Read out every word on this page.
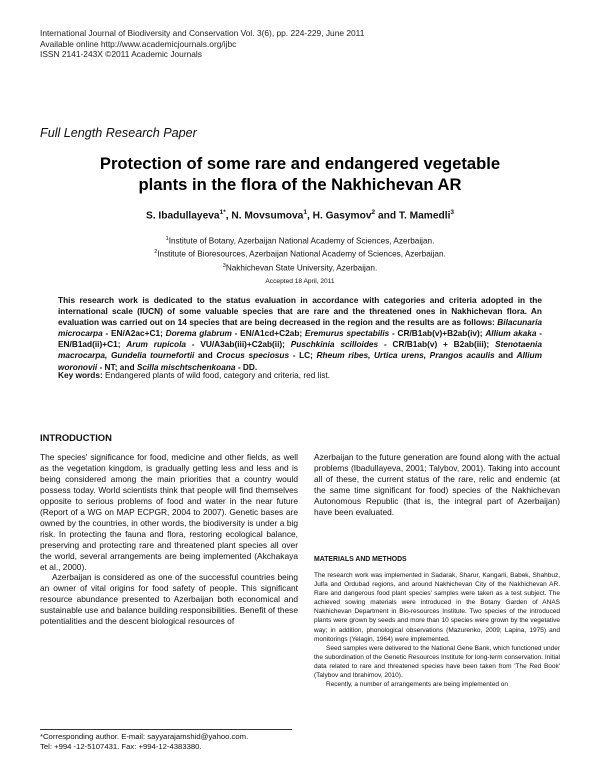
International Journal of Biodiversity and Conservation Vol. 3(6), pp. 224-229, June 2011
Available online http://www.academicjournals.org/ijbc
ISSN 2141-243X ©2011 Academic Journals
Full Length Research Paper
Protection of some rare and endangered vegetable
plants in the flora of the Nakhichevan AR
S. Ibadullayeva$^{1*}$, N. Movsumova$^1$, H. Gasymov$^2$ and T. Mamedli$^3$
$^1$Institute of Botany, Azerbaijan National Academy of Sciences, Azerbaijan.
$^2$Institute of Bioresources, Azerbaijan National Academy of Sciences, Azerbaijan.
$^3$Nakhichevan State University, Azerbaijan.
Accepted 18 April, 2011
This research work is dedicated to the status evaluation in accordance with categories and criteria adopted in the international scale (IUCN) of some valuable species that are rare and the threatened ones in Nakhichevan flora. An evaluation was carried out on 14 species that are being decreased in the region and the results are as follows: Bilacunaria microcarpa - EN/A2ac+C1; Dorema glabrum - EN/A1cd+C2ab; Eremurus spectabilis - CR/B1ab(v)+B2ab(iv); Allium akaka - EN/B1ad(ii)+C1; Arum rupicola - VU/A3ab(iii)+C2ab(ii); Puschkinia scilloides - CR/B1ab(v) + B2ab(iii); Stenotaenia macrocarpa, Gundelia tournefortii and Crocus speciosus - LC; Rheum ribes, Urtica urens, Prangos acaulis and Allium woronovii - NT; and Scilla mischtschenkoana - DD.
Key words: Endangered plants of wild food, category and criteria, red list.
INTRODUCTION

The species' significance for food, medicine and other fields, as well as the vegetation kingdom, is gradually getting less and less and is being considered among the main priorities that a country would possess today. World scientists think that people will find themselves opposite to serious problems of food and water in the near future (Report of a WG on MAP ECPGR, 2004 to 2007). Genetic bases are owned by the countries, in other words, the biodiversity is under a big risk. In protecting the fauna and flora, restoring ecological balance, preserving and protecting rare and threatened plant species all over the world, several arrangements are being implemented (Akchakaya et al., 2000).

Azerbaijan is considered as one of the successful countries being an owner of vital origins for food safety of people. This significant resource abundance presented to Azerbaijan both economical and sustainable use and balance building responsibilities. Benefit of these potentialities and the descent biological resources of

Azerbaijan to the future generation are found along with the actual problems (Ibadullayeva, 2001; Talybov, 2001). Taking into account all of these, the current status of the rare, relic and endemic (at the same time significant for food) species of the Nakhichevan Autonomous Republic (that is, the integral part of Azerbaijan) have been evaluated.

MATERIALS AND METHODS

The research work was implemented in Sadarak, Sharur, Kangarli, Babek, Shahbuz, Julfa and Ordubad regions, and around Nakhichevan City of the Nakhichevan AR. Rare and dangerous food plant species' samples were taken as a test subject. The achieved sowing materials were introduced in the Botany Garden of ANAS Nakhichevan Department in Bio-resources Institute. Two species of the introduced plants were grown by seeds and more than 10 species were grown by the vegetative way; in addition, phonological observations (Mazurenko, 2009; Lapina, 1975) and monitorings (Yelagin, 1964) were implemented.

Seed samples were delivered to the National Gene Bank, which functioned under the subordination of the Genetic Resources Institute for long-term conservation. Initial data related to rare and threatened species have been taken from 'The Red Book' (Talybov and Ibrahimov, 2010).

Recently, a number of arrangements are being implemented on

*Corresponding author. E-mail: sayyarajamshid@yahoo.com.
Tel: +994 -12-5107431. Fax: +994-12-4383380.
